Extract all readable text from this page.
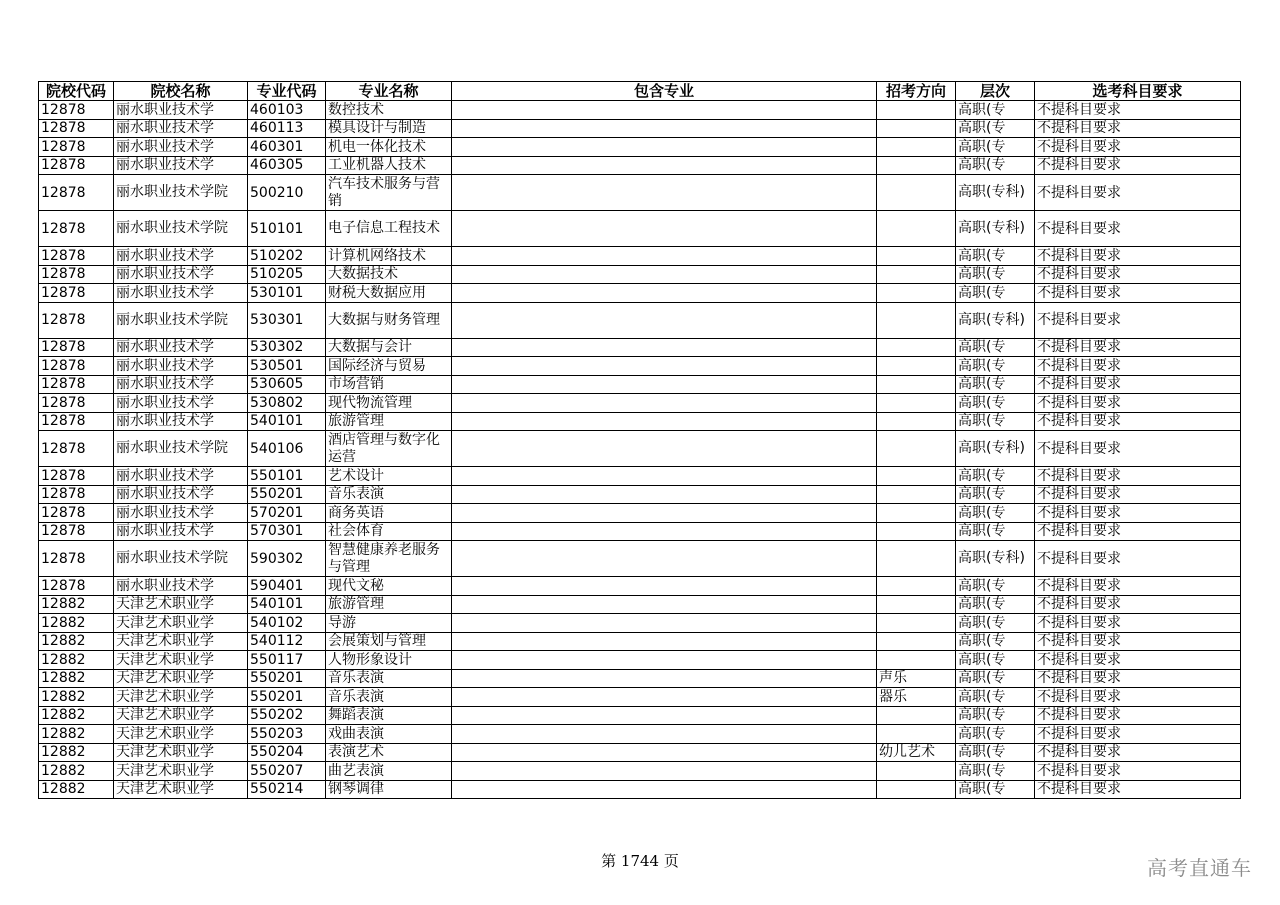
院校代码	院校名称	专业代码	专业名称	包含专业	招考方向	层次	选考科目要求
12878	丽水职业技术学	460103	数控技术			高职(专	不提科目要求
12878	丽水职业技术学	460113	模具设计与制造			高职(专	不提科目要求
12878	丽水职业技术学	460301	机电一体化技术			高职(专	不提科目要求
12878	丽水职业技术学	460305	工业机器人技术			高职(专	不提科目要求
12878	丽水职业技术学院	500210	汽车技术服务与营销			高职(专科)	不提科目要求
12878	丽水职业技术学院	510101	电子信息工程技术			高职(专科)	不提科目要求
12878	丽水职业技术学	510202	计算机网络技术			高职(专	不提科目要求
12878	丽水职业技术学	510205	大数据技术			高职(专	不提科目要求
12878	丽水职业技术学	530101	财税大数据应用			高职(专	不提科目要求
12878	丽水职业技术学院	530301	大数据与财务管理			高职(专科)	不提科目要求
12878	丽水职业技术学	530302	大数据与会计			高职(专	不提科目要求
12878	丽水职业技术学	530501	国际经济与贸易			高职(专	不提科目要求
12878	丽水职业技术学	530605	市场营销			高职(专	不提科目要求
12878	丽水职业技术学	530802	现代物流管理			高职(专	不提科目要求
12878	丽水职业技术学	540101	旅游管理			高职(专	不提科目要求
12878	丽水职业技术学院	540106	酒店管理与数字化运营			高职(专科)	不提科目要求
12878	丽水职业技术学	550101	艺术设计			高职(专	不提科目要求
12878	丽水职业技术学	550201	音乐表演			高职(专	不提科目要求
12878	丽水职业技术学	570201	商务英语			高职(专	不提科目要求
12878	丽水职业技术学	570301	社会体育			高职(专	不提科目要求
12878	丽水职业技术学院	590302	智慧健康养老服务与管理			高职(专科)	不提科目要求
12878	丽水职业技术学	590401	现代文秘			高职(专	不提科目要求
12882	天津艺术职业学	540101	旅游管理			高职(专	不提科目要求
12882	天津艺术职业学	540102	导游			高职(专	不提科目要求
12882	天津艺术职业学	540112	会展策划与管理			高职(专	不提科目要求
12882	天津艺术职业学	550117	人物形象设计			高职(专	不提科目要求
12882	天津艺术职业学	550201	音乐表演		声乐	高职(专	不提科目要求
12882	天津艺术职业学	550201	音乐表演		器乐	高职(专	不提科目要求
12882	天津艺术职业学	550202	舞蹈表演			高职(专	不提科目要求
12882	天津艺术职业学	550203	戏曲表演			高职(专	不提科目要求
12882	天津艺术职业学	550204	表演艺术		幼儿艺术	高职(专	不提科目要求
12882	天津艺术职业学	550207	曲艺表演			高职(专	不提科目要求
12882	天津艺术职业学	550214	钢琴调律			高职(专	不提科目要求
第 1744 页	高考直通车
